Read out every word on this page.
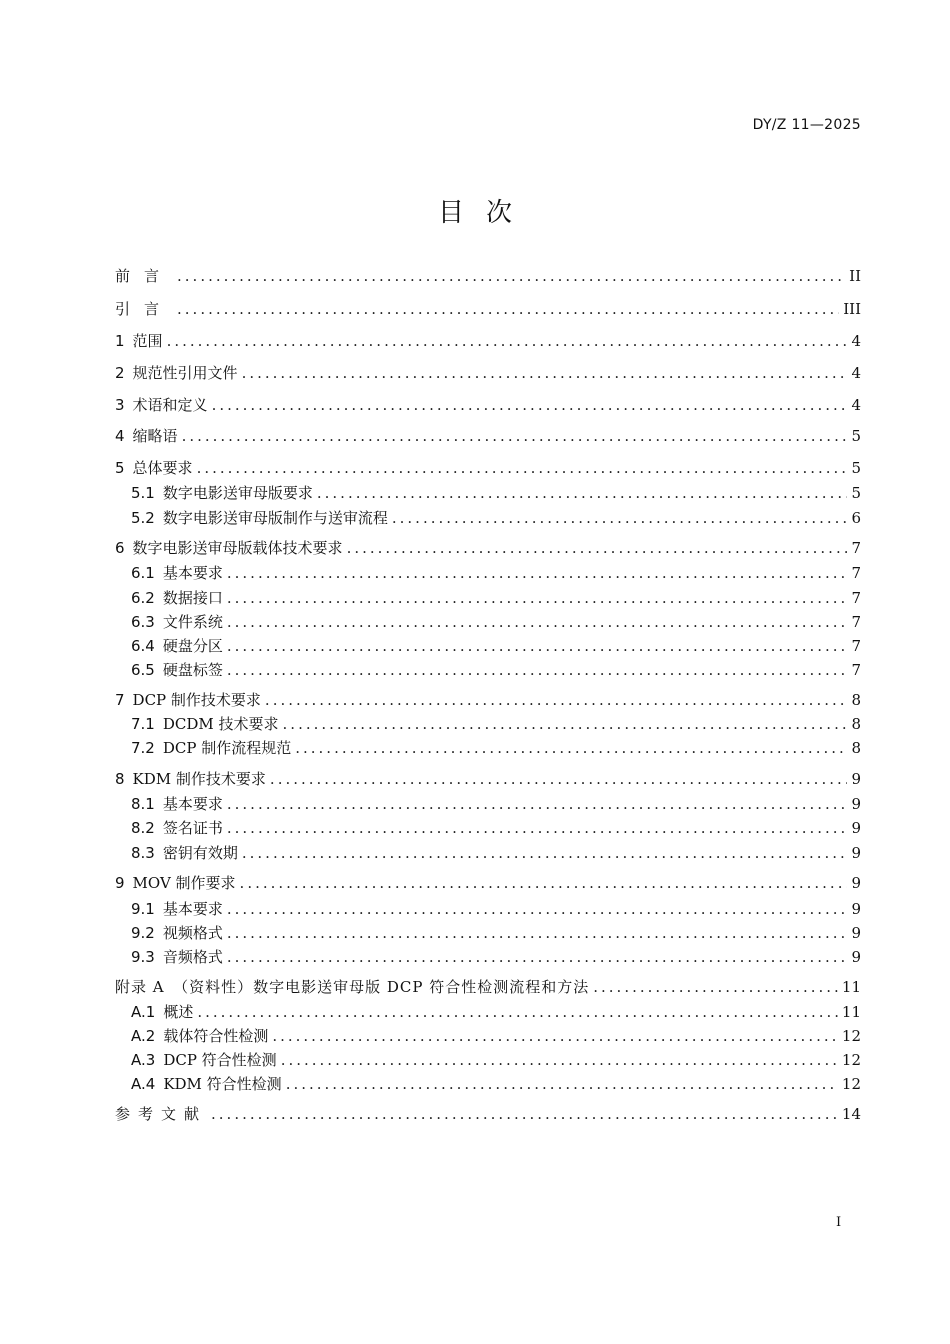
DY/Z 11—2025
目次
前言 .....	II
引言 .....	III
1 范围 .....	4
2 规范性引用文件 .....	4
3 术语和定义 .....	4
4 缩略语 .....	5
5 总体要求 .....	5
5.1 数字电影送审母版要求 .....	5
5.2 数字电影送审母版制作与送审流程 .....	6
6 数字电影送审母版载体技术要求 .....	7
6.1 基本要求 .....	7
6.2 数据接口 .....	7
6.3 文件系统 .....	7
6.4 硬盘分区 .....	7
6.5 硬盘标签 .....	7
7 DCP 制作技术要求 .....	8
7.1 DCDM 技术要求 .....	8
7.2 DCP 制作流程规范 .....	8
8 KDM 制作技术要求 .....	9
8.1 基本要求 .....	9
8.2 签名证书 .....	9
8.3 密钥有效期 .....	9
9 MOV 制作要求 .....	9
9.1 基本要求 .....	9
9.2 视频格式 .....	9
9.3 音频格式 .....	9
附录 A　（资料性）数字电影送审母版 DCP 符合性检测流程和方法 .....	11
A.1 概述 .....	11
A.2 载体符合性检测 .....	12
A.3 DCP 符合性检测 .....	12
A.4 KDM 符合性检测 .....	12
参考文献 .....	14
I
